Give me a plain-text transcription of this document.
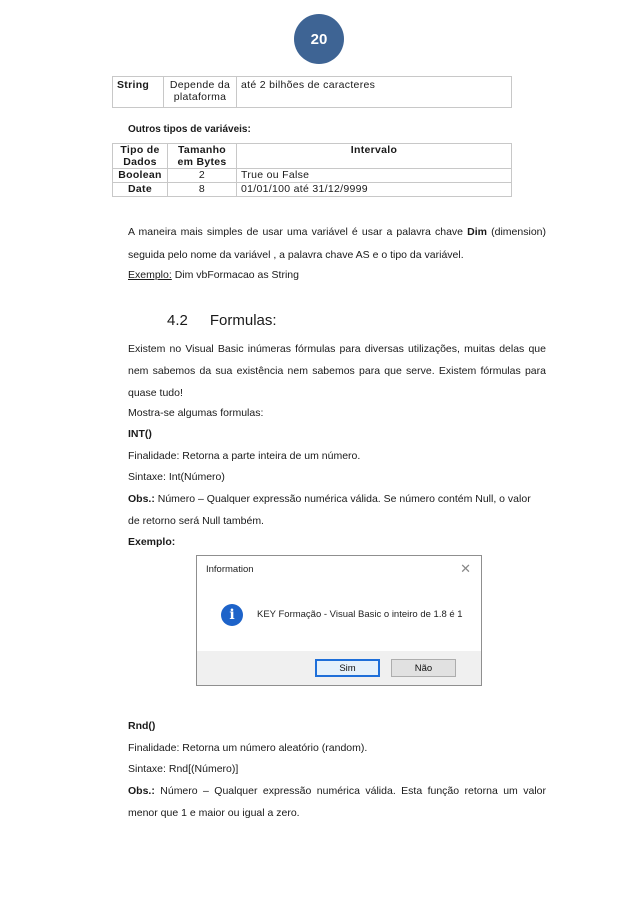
20
String	Depende da plataforma	até 2 bilhões de caracteres
Outros tipos de variáveis:
Tipo de Dados	Tamanho em Bytes	Intervalo
Boolean	2	True ou False
Date	8	01/01/100 até 31/12/9999
A maneira mais simples de usar uma variável é usar a palavra chave Dim (dimension)
seguida pelo nome da variável , a palavra chave AS e o tipo da variável.
Exemplo: Dim vbFormacao as String
4.2 Formulas:
Existem no Visual Basic inúmeras fórmulas para diversas utilizações, muitas delas que
nem sabemos da sua existência nem sabemos para que serve. Existem fórmulas para
quase tudo!
Mostra-se algumas formulas:
INT()
Finalidade: Retorna a parte inteira de um número.
Sintaxe: Int(Número)
Obs.: Número – Qualquer expressão numérica válida. Se número contém Null, o valor
de retorno será Null também.
Exemplo:
Information	✕
i	KEY Formação - Visual Basic o inteiro de 1.8 é 1
Sim	Não
Rnd()
Finalidade: Retorna um número aleatório (random).
Sintaxe: Rnd[(Número)]
Obs.: Número – Qualquer expressão numérica válida. Esta função retorna um valor
menor que 1 e maior ou igual a zero.
